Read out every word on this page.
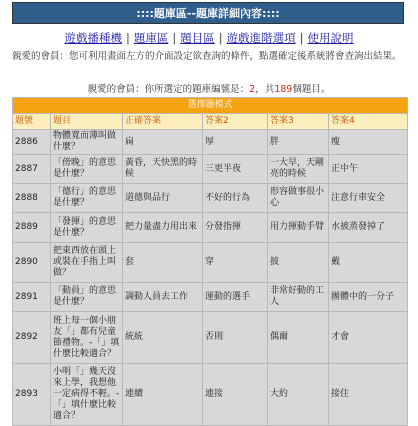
::::題庫區--題庫詳細內容::::
遊戲播種機 | 題庫區 | 題目區 | 遊戲進階選項 | 使用說明
親愛的會員：您可利用畫面左方的介面設定欲查詢的條件，點選確定後系統將會查詢出結果。
親愛的會員：你所選定的題庫編號是：2，共189個題目。
選擇題模式					
題號	題目	正確答案	答案2	答案3	答案4
2886	物體寬而薄叫做什麼？	扁	厚	胖	瘦
2887	「傍晚」的意思是什麼？	黃昏，天快黑的時候	三更半夜	一大早，天剛亮的時候	正中午
2888	「德行」的意思是什麼？	道德與品行	不好的行為	形容做事很小心	注意行車安全
2889	「發揮」的意思是什麼？	把力量盡力用出來	分發指揮	用力揮動手臂	水被蒸發掉了
2890	把東西放在頭上或裝在手指上叫做？	套	穿	披	戴
2891	「動員」的意思是什麼？	調動人員去工作	運動的選手	非常好動的工人	團體中的一分子
2892	班上每一個小朋友「」都有兒童節禮物。-「」填什麼比較適合？	統統	否則	偶爾	才會
2893	小明「」幾天沒來上學，我想他一定病得不輕。-「」填什麼比較適合？	連續	連接	大約	接住
